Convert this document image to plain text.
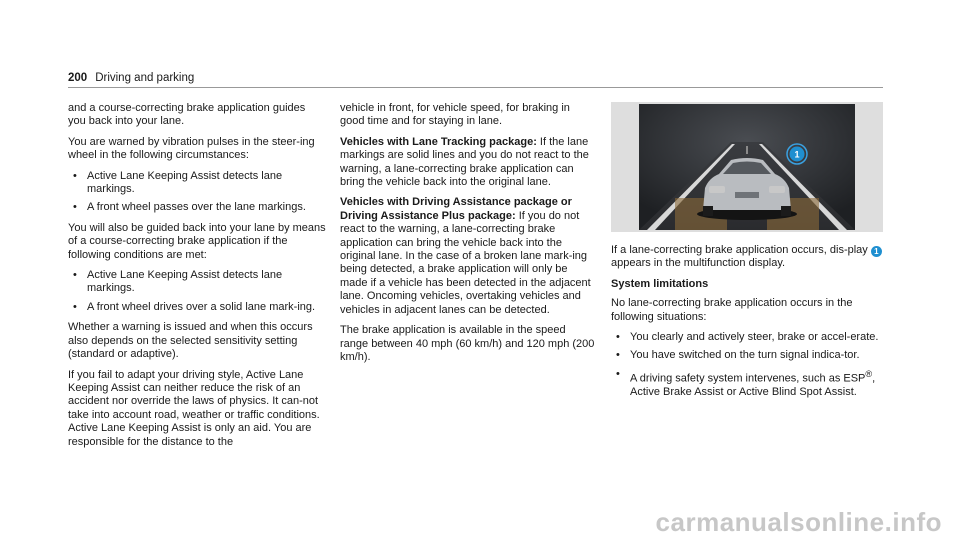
200 Driving and parking

and a course-correcting brake application guides you back into your lane.

You are warned by vibration pulses in the steer-ing wheel in the following circumstances:

• Active Lane Keeping Assist detects lane markings.
• A front wheel passes over the lane markings.

You will also be guided back into your lane by means of a course-correcting brake application if the following conditions are met:

• Active Lane Keeping Assist detects lane markings.
• A front wheel drives over a solid lane mark-ing.

Whether a warning is issued and when this occurs also depends on the selected sensitivity setting (standard or adaptive).

If you fail to adapt your driving style, Active Lane Keeping Assist can neither reduce the risk of an accident nor override the laws of physics. It can-not take into account road, weather or traffic conditions. Active Lane Keeping Assist is only an aid. You are responsible for the distance to the

vehicle in front, for vehicle speed, for braking in good time and for staying in lane.

Vehicles with Lane Tracking package: If the lane markings are solid lines and you do not react to the warning, a lane-correcting brake application can bring the vehicle back into the original lane.

Vehicles with Driving Assistance package or Driving Assistance Plus package: If you do not react to the warning, a lane-correcting brake application can bring the vehicle back into the original lane. In the case of a broken lane mark-ing being detected, a brake application will only be made if a vehicle has been detected in the adjacent lane. Oncoming vehicles, overtaking vehicles and vehicles in adjacent lanes can be detected.

The brake application is available in the speed range between 40 mph (60 km/h) and 120 mph (200 km/h).

1

If a lane-correcting brake application occurs, dis-play 1 appears in the multifunction display.

System limitations

No lane-correcting brake application occurs in the following situations:

• You clearly and actively steer, brake or accel-erate.
• You have switched on the turn signal indica-tor.
• A driving safety system intervenes, such as ESP®, Active Brake Assist or Active Blind Spot Assist.
carmanualsonline.info
